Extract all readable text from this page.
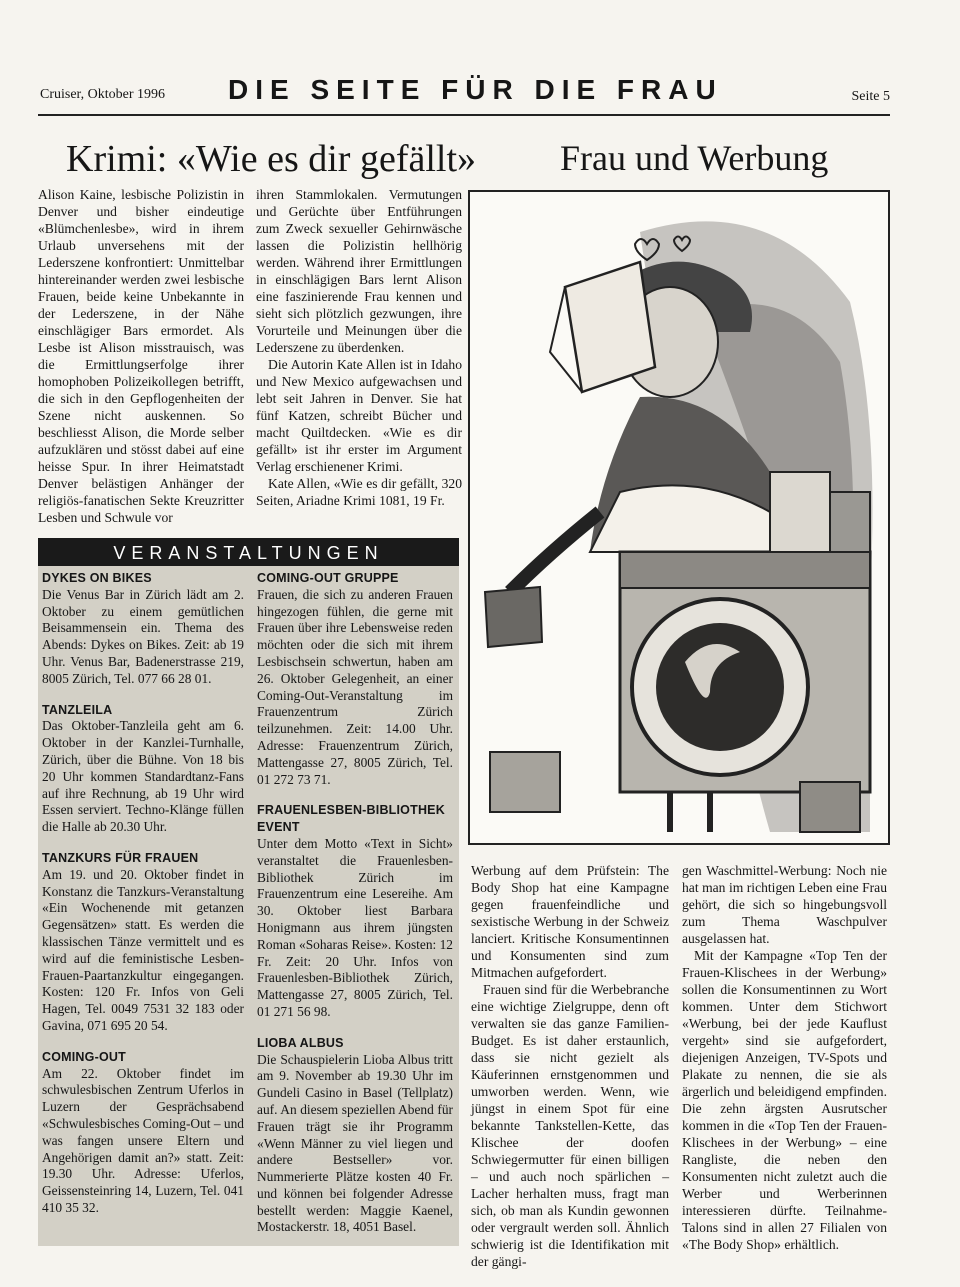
Cruiser, Oktober 1996 DIE SEITE FÜR DIE FRAU	Seite 5
Krimi: «Wie es dir gefällt» Frau und Werbung

Alison Kaine, lesbische Polizistin in Denver und bisher eindeutige «Blümchenlesbe», wird in ihrem Urlaub unversehens mit der Lederszene konfrontiert: Unmittelbar hintereinander werden zwei lesbische Frauen, beide keine Unbekannte in der Lederszene, in der Nähe einschlägiger Bars ermordet. Als Lesbe ist Alison misstrauisch, was die Ermittlungserfolge ihrer homophoben Polizeikollegen betrifft, die sich in den Gepflogenheiten der Szene nicht auskennen. So beschliesst Alison, die Morde selber aufzuklären und stösst dabei auf eine heisse Spur. In ihrer Heimatstadt Denver belästigen Anhänger der religiös-fanatischen Sekte Kreuzritter Lesben und Schwule vor

ihren Stammlokalen. Vermutungen und Gerüchte über Entführungen zum Zweck sexueller Gehirnwäsche lassen die Polizistin hellhörig werden. Während ihrer Ermittlungen in einschlägigen Bars lernt Alison eine faszinierende Frau kennen und sieht sich plötzlich gezwungen, ihre Vorurteile und Meinungen über die Lederszene zu überdenken.

Die Autorin Kate Allen ist in Idaho und New Mexico aufgewachsen und lebt seit Jahren in Denver. Sie hat fünf Katzen, schreibt Bücher und macht Quiltdecken. «Wie es dir gefällt» ist ihr erster im Argument Verlag erschienener Krimi.

Kate Allen, «Wie es dir gefällt, 320 Seiten, Ariadne Krimi 1081, 19 Fr.

Werbung auf dem Prüfstein: The Body Shop hat eine Kampagne gegen frauenfeindliche und sexistische Werbung in der Schweiz lanciert. Kritische Konsumentinnen und Konsumenten sind zum Mitmachen aufgefordert.

Frauen sind für die Werbebranche eine wichtige Zielgruppe, denn oft verwalten sie das ganze Familien-Budget. Es ist daher erstaunlich, dass sie nicht gezielt als Käuferinnen ernstgenommen und umworben werden. Wenn, wie jüngst in einem Spot für eine bekannte Tankstellen-Kette, das Klischee der doofen Schwiegermutter für einen billigen – und auch noch spärlichen – Lacher herhalten muss, fragt man sich, ob man als Kundin gewonnen oder vergrault werden soll. Ähnlich schwierig ist die Identifikation mit der gängi-

gen Waschmittel-Werbung: Noch nie hat man im richtigen Leben eine Frau gehört, die sich so hingebungsvoll zum Thema Waschpulver ausgelassen hat.

Mit der Kampagne «Top Ten der Frauen-Klischees in der Werbung» sollen die Konsumentinnen zu Wort kommen. Unter dem Stichwort «Werbung, bei der jede Kauflust vergeht» sind sie aufgefordert, diejenigen Anzeigen, TV-Spots und Plakate zu nennen, die sie als ärgerlich und beleidigend empfinden. Die zehn ärgsten Ausrutscher kommen in die «Top Ten der Frauen-Klischees in der Werbung» – eine Rangliste, die neben den Konsumenten nicht zuletzt auch die Werber und Werberinnen interessieren dürfte. Teilnahme-Talons sind in allen 27 Filialen von «The Body Shop» erhältlich.

VERANSTALTUNGEN
DYKES ON BIKES

Die Venus Bar in Zürich lädt am 2. Oktober zu einem gemütlichen Beisammensein ein. Thema des Abends: Dykes on Bikes. Zeit: ab 19 Uhr. Venus Bar, Badenerstrasse 219, 8005 Zürich, Tel. 077 66 28 01.

TANZLEILA

Das Oktober-Tanzleila geht am 6. Oktober in der Kanzlei-Turnhalle, Zürich, über die Bühne. Von 18 bis 20 Uhr kommen Standardtanz-Fans auf ihre Rechnung, ab 19 Uhr wird Essen serviert. Techno-Klänge füllen die Halle ab 20.30 Uhr.

TANZKURS FÜR FRAUEN

Am 19. und 20. Oktober findet in Konstanz die Tanzkurs-Veranstaltung «Ein Wochenende mit getanzen Gegensätzen» statt. Es werden die klassischen Tänze vermittelt und es wird auf die feministische Lesben-Frauen-Paartanzkultur eingegangen. Kosten: 120 Fr. Infos von Geli Hagen, Tel. 0049 7531 32 183 oder Gavina, 071 695 20 54.

COMING-OUT

Am 22. Oktober findet im schwulesbischen Zentrum Uferlos in Luzern der Gesprächsabend «Schwulesbisches Coming-Out – und was fangen unsere Eltern und Angehörigen damit an?» statt. Zeit: 19.30 Uhr. Adresse: Uferlos, Geissensteinring 14, Luzern, Tel. 041 410 35 32.

COMING-OUT GRUPPE

Frauen, die sich zu anderen Frauen hingezogen fühlen, die gerne mit Frauen über ihre Lebensweise reden möchten oder die sich mit ihrem Lesbischsein schwertun, haben am 26. Oktober Gelegenheit, an einer Coming-Out-Veranstaltung im Frauenzentrum Zürich teilzunehmen. Zeit: 14.00 Uhr. Adresse: Frauenzentrum Zürich, Mattengasse 27, 8005 Zürich, Tel. 01 272 73 71.

FRAUENLESBEN-BIBLIOTHEK EVENT

Unter dem Motto «Text in Sicht» veranstaltet die Frauenlesben-Bibliothek Zürich im Frauenzentrum eine Lesereihe. Am 30. Oktober liest Barbara Honigmann aus ihrem jüngsten Roman «Soharas Reise». Kosten: 12 Fr. Zeit: 20 Uhr. Infos von Frauenlesben-Bibliothek Zürich, Mattengasse 27, 8005 Zürich, Tel. 01 271 56 98.

LIOBA ALBUS

Die Schauspielerin Lioba Albus tritt am 9. November ab 19.30 Uhr im Gundeli Casino in Basel (Tellplatz) auf. An diesem speziellen Abend für Frauen trägt sie ihr Programm «Wenn Männer zu viel liegen und andere Bestseller» vor. Nummerierte Plätze kosten 40 Fr. und können bei folgender Adresse bestellt werden: Maggie Kaenel, Mostackerstr. 18, 4051 Basel.
